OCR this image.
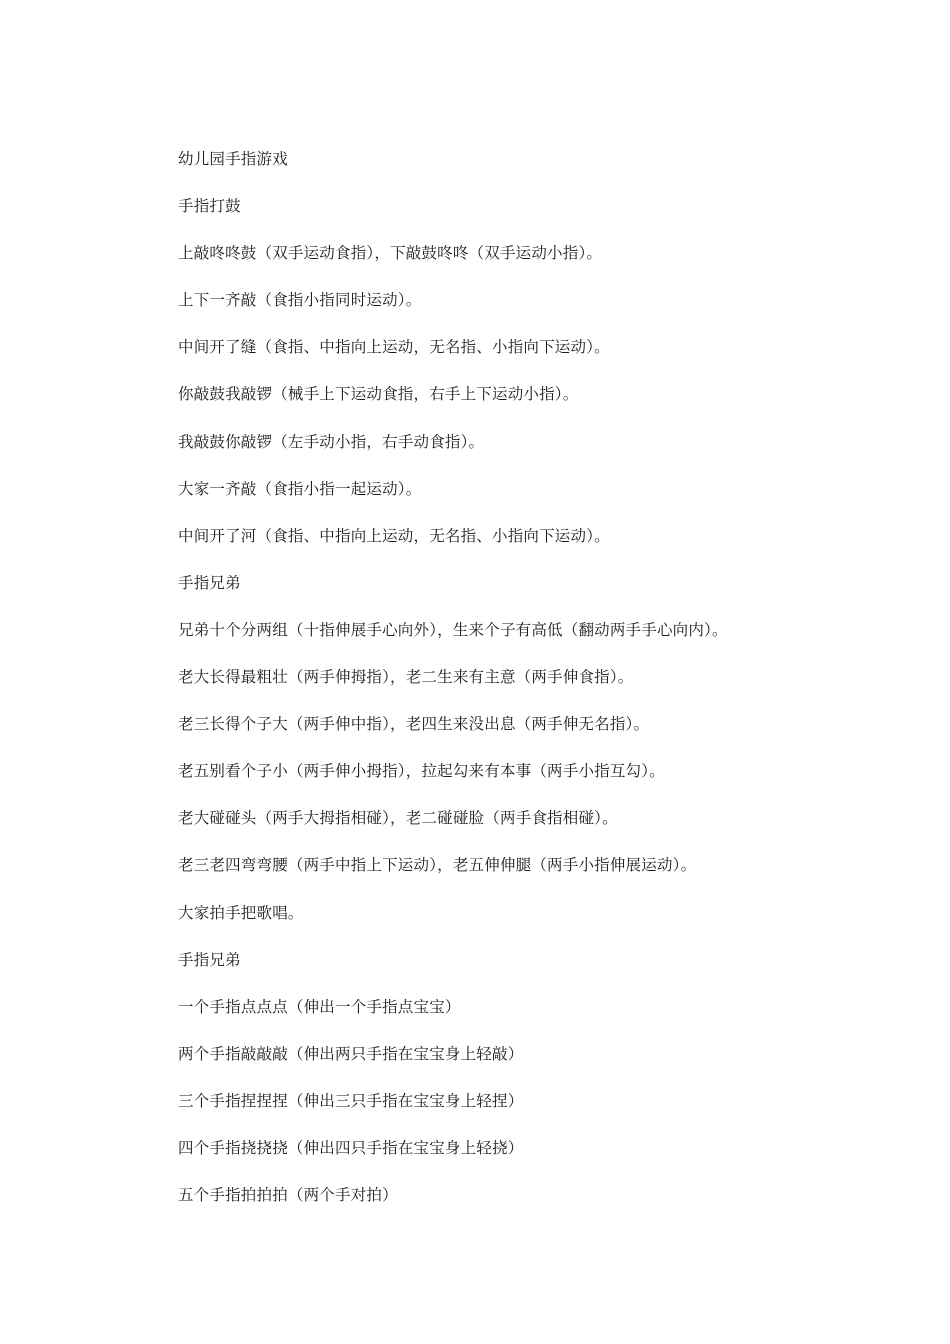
幼儿园手指游戏
手指打鼓
上敲咚咚鼓（双手运动食指），下敲鼓咚咚（双手运动小指）。
上下一齐敲（食指小指同时运动）。
中间开了缝（食指、中指向上运动，无名指、小指向下运动）。
你敲鼓我敲锣（械手上下运动食指，右手上下运动小指）。
我敲鼓你敲锣（左手动小指，右手动食指）。
大家一齐敲（食指小指一起运动）。
中间开了河（食指、中指向上运动，无名指、小指向下运动）。
手指兄弟
兄弟十个分两组（十指伸展手心向外），生来个子有高低（翻动两手手心向内）。
老大长得最粗壮（两手伸拇指），老二生来有主意（两手伸食指）。
老三长得个子大（两手伸中指），老四生来没出息（两手伸无名指）。
老五别看个子小（两手伸小拇指），拉起勾来有本事（两手小指互勾）。
老大碰碰头（两手大拇指相碰），老二碰碰脸（两手食指相碰）。
老三老四弯弯腰（两手中指上下运动），老五伸伸腿（两手小指伸展运动）。
大家拍手把歌唱。
手指兄弟
一个手指点点点（伸出一个手指点宝宝）
两个手指敲敲敲（伸出两只手指在宝宝身上轻敲）
三个手指捏捏捏（伸出三只手指在宝宝身上轻捏）
四个手指挠挠挠（伸出四只手指在宝宝身上轻挠）
五个手指拍拍拍（两个手对拍）
